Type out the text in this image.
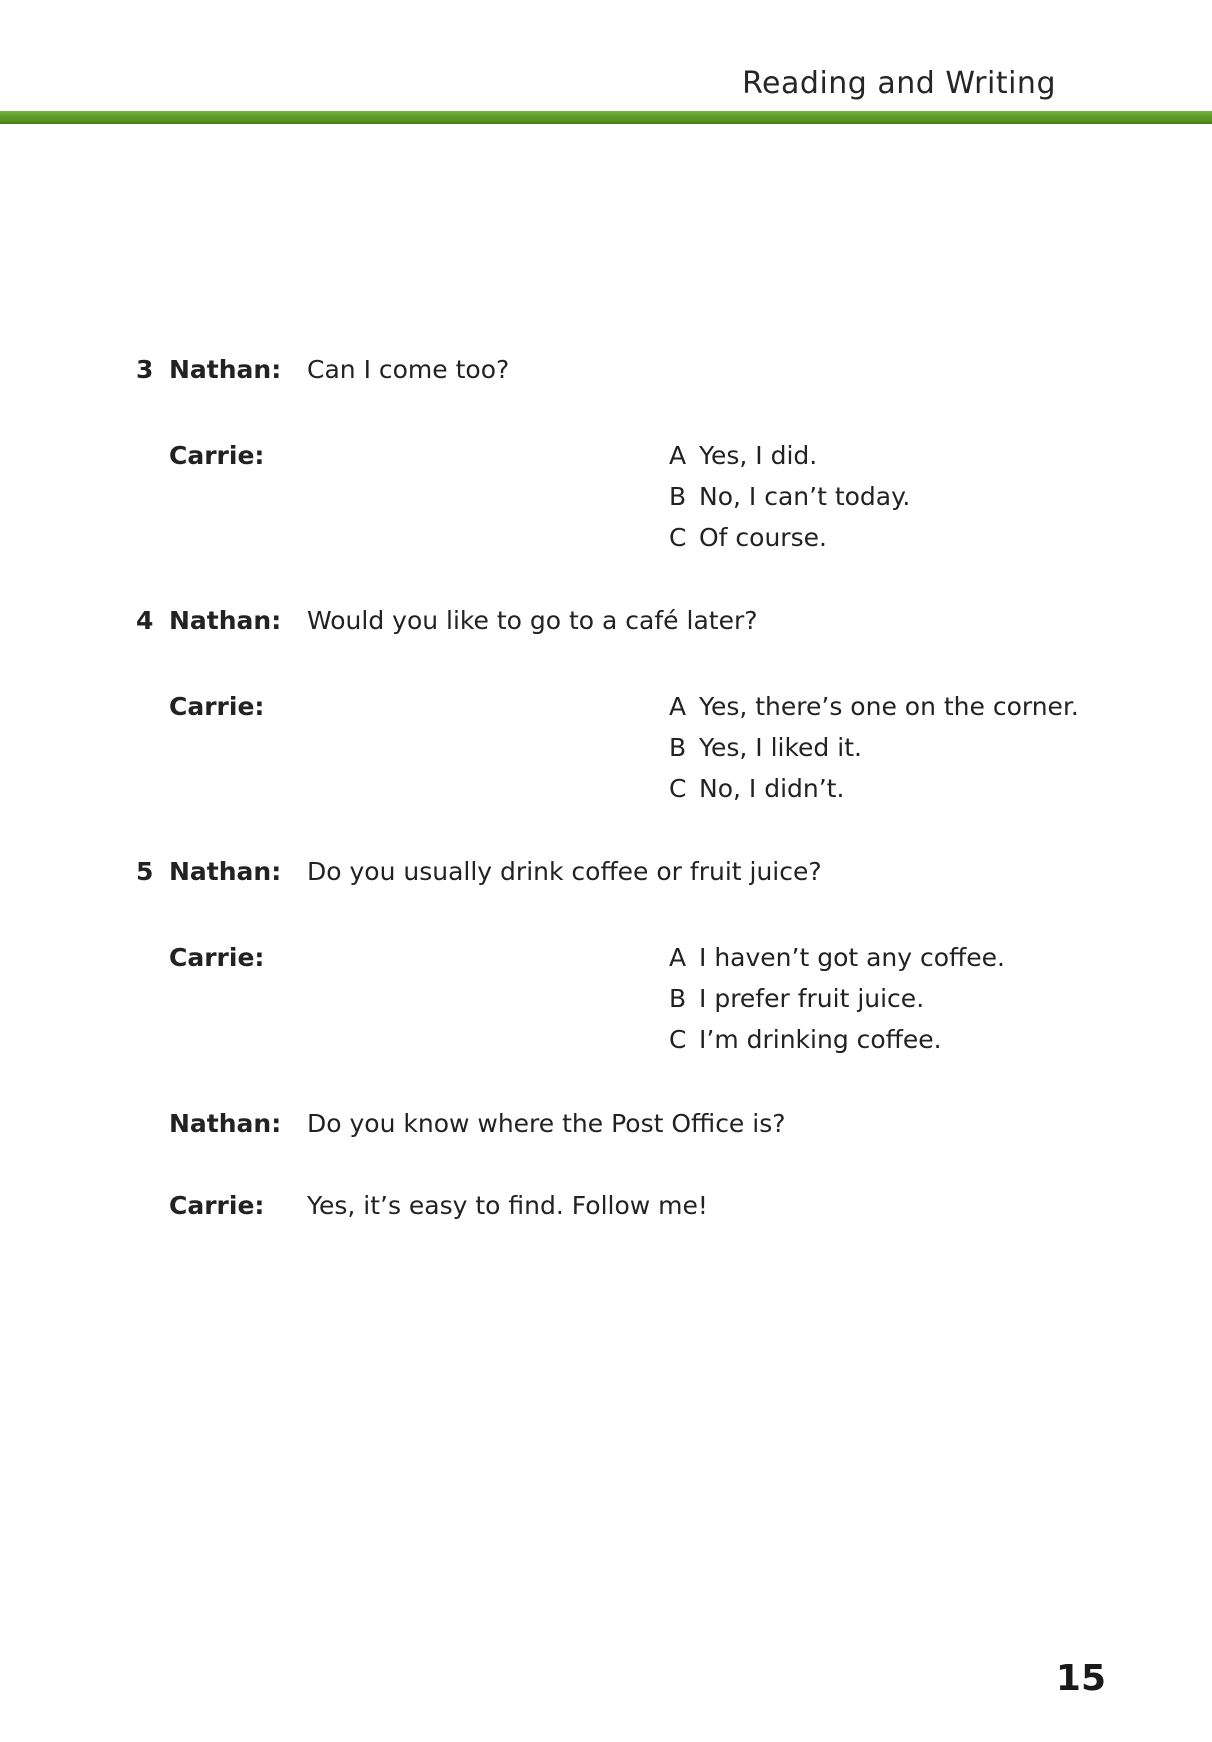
Reading and Writing
3 Nathan: Can I come too?
Carrie:	A Yes, I did.
B No, I can’t today.
C Of course.
4 Nathan: Would you like to go to a café later?
Carrie:	A Yes, there’s one on the corner.
B Yes, I liked it.
C No, I didn’t.
5 Nathan: Do you usually drink coffee or fruit juice?
Carrie:	A I haven’t got any coffee.
B I prefer fruit juice.
C I’m drinking coffee.
Nathan: Do you know where the Post Office is?
Carrie: Yes, it’s easy to find. Follow me!
15
